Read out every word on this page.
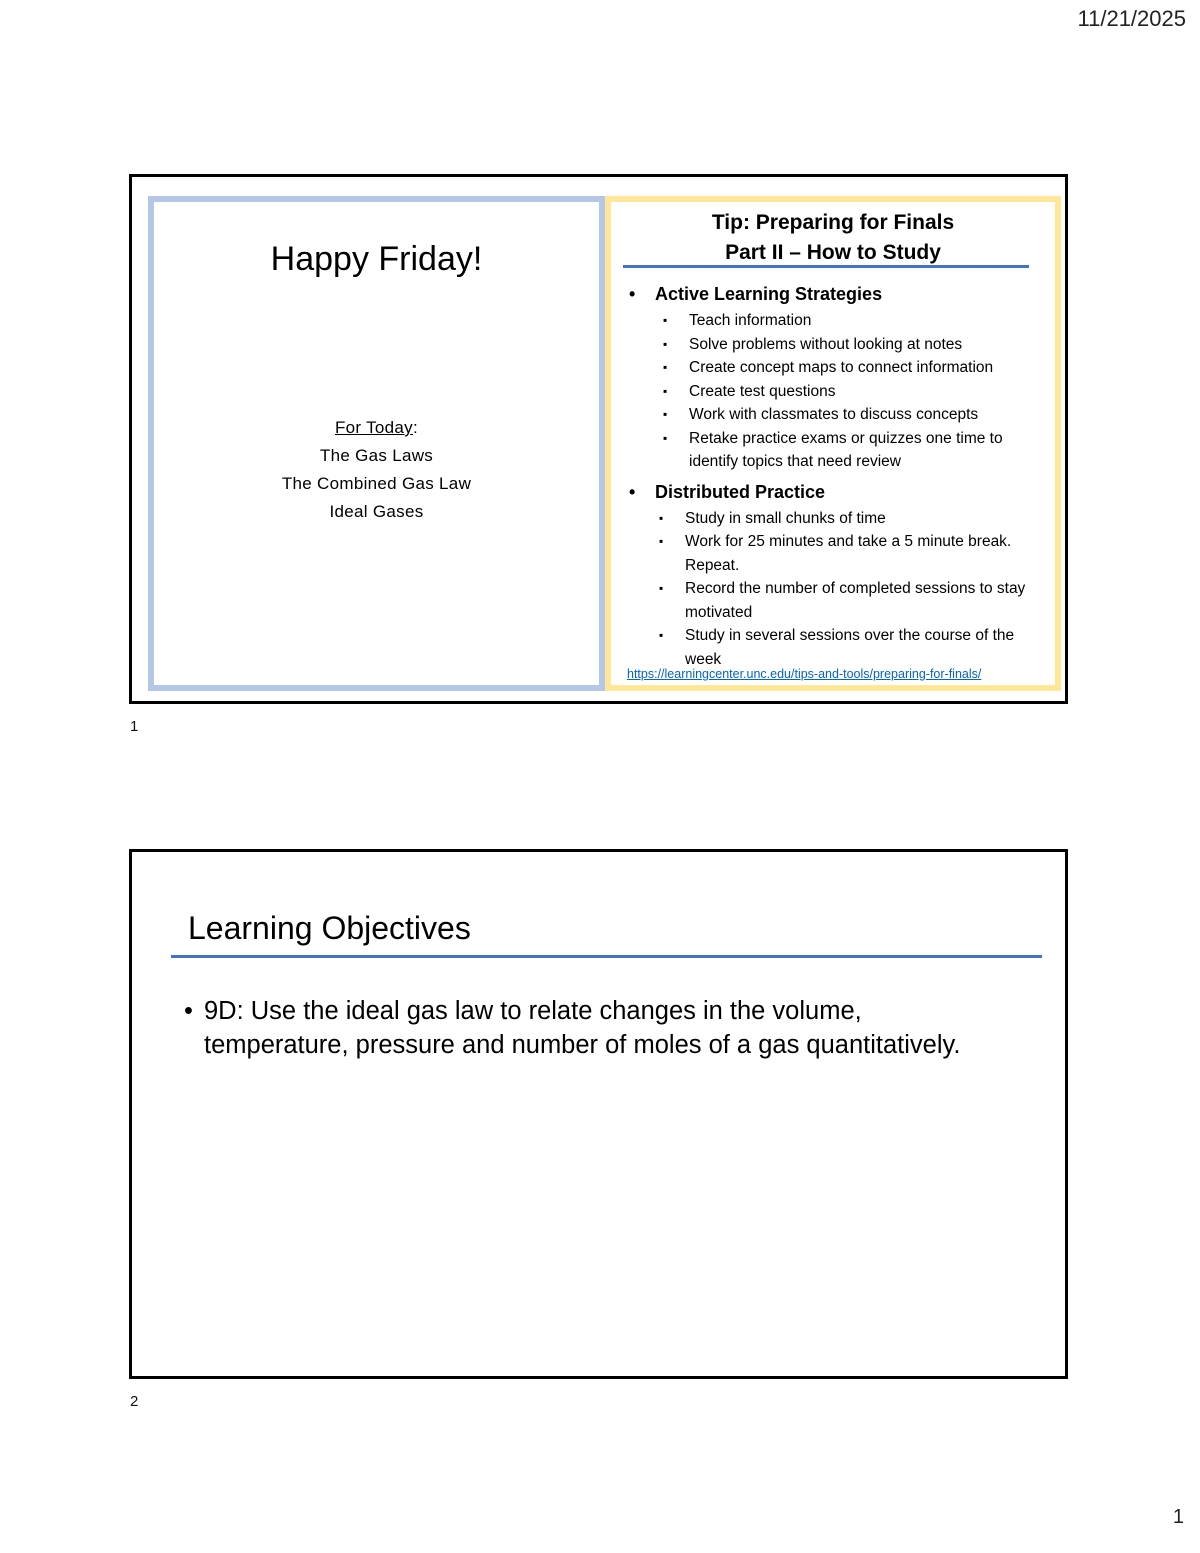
11/21/2025
Happy Friday!
For Today:
The Gas Laws
The Combined Gas Law
Ideal Gases
Tip: Preparing for Finals
Part II – How to Study
•	Active Learning Strategies
▪ Teach information
▪ Solve problems without looking at notes
▪ Create concept maps to connect information
▪ Create test questions
▪ Work with classmates to discuss concepts
▪ Retake practice exams or quizzes one time to identify topics that need review
•	Distributed Practice
▪ Study in small chunks of time
▪ Work for 25 minutes and take a 5 minute break. Repeat.
▪ Record the number of completed sessions to stay motivated
▪ Study in several sessions over the course of the week
https://learningcenter.unc.edu/tips-and-tools/preparing-for-finals/
1
Learning Objectives
• 9D: Use the ideal gas law to relate changes in the volume, temperature, pressure and number of moles of a gas quantitatively.
2
1
